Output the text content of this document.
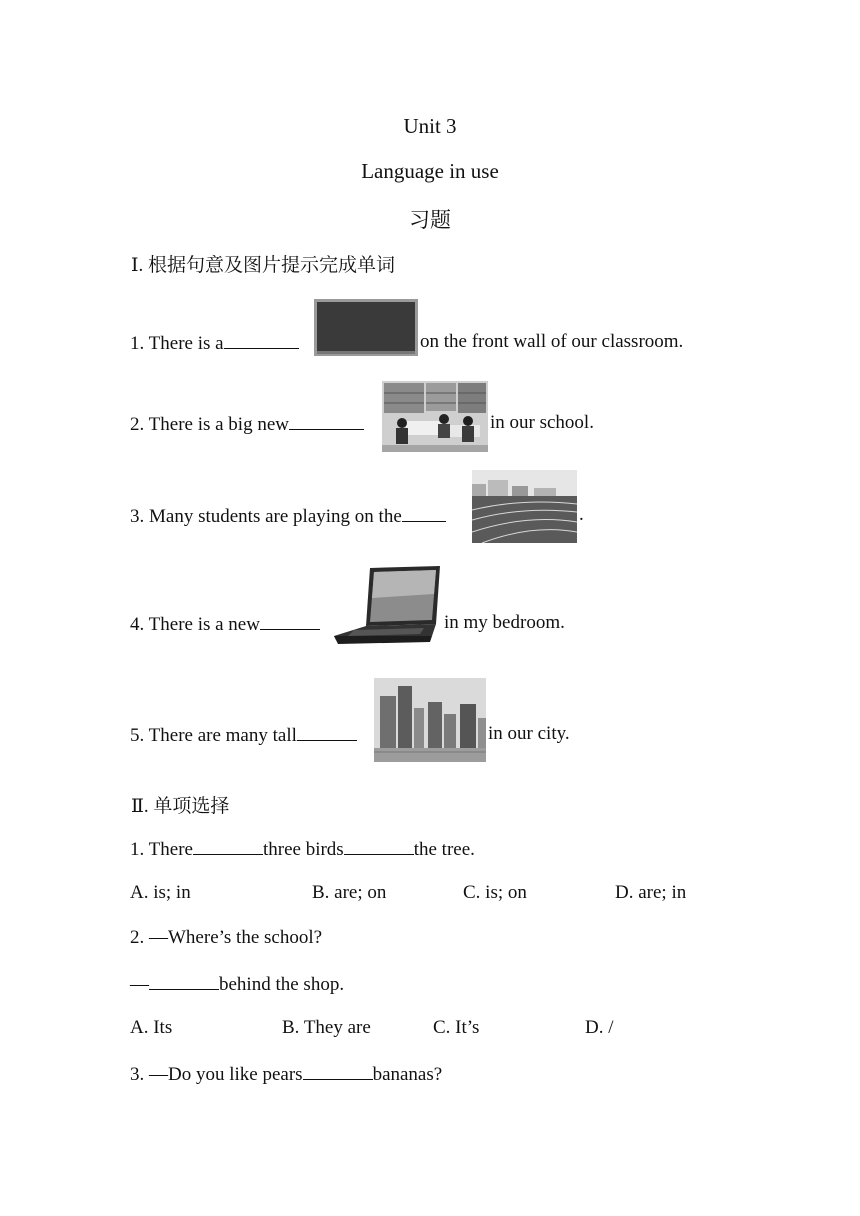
Unit 3
Language in use
习题
Ⅰ. 根据句意及图片提示完成单词
1. There is a	on the front wall of our classroom.
2. There is a big new	in our school.
3. Many students are playing on the	.
4. There is a new	in my bedroom.
5. There are many tall	in our city.
Ⅱ. 单项选择
1. There	three birds	the tree.
A. is; in	B. are; on	C. is; on	D. are; in
2. —Where’s the school?
—	behind the shop.
A. Its	B. They are	C. It’s	D. /
3. —Do you like pears	bananas?
